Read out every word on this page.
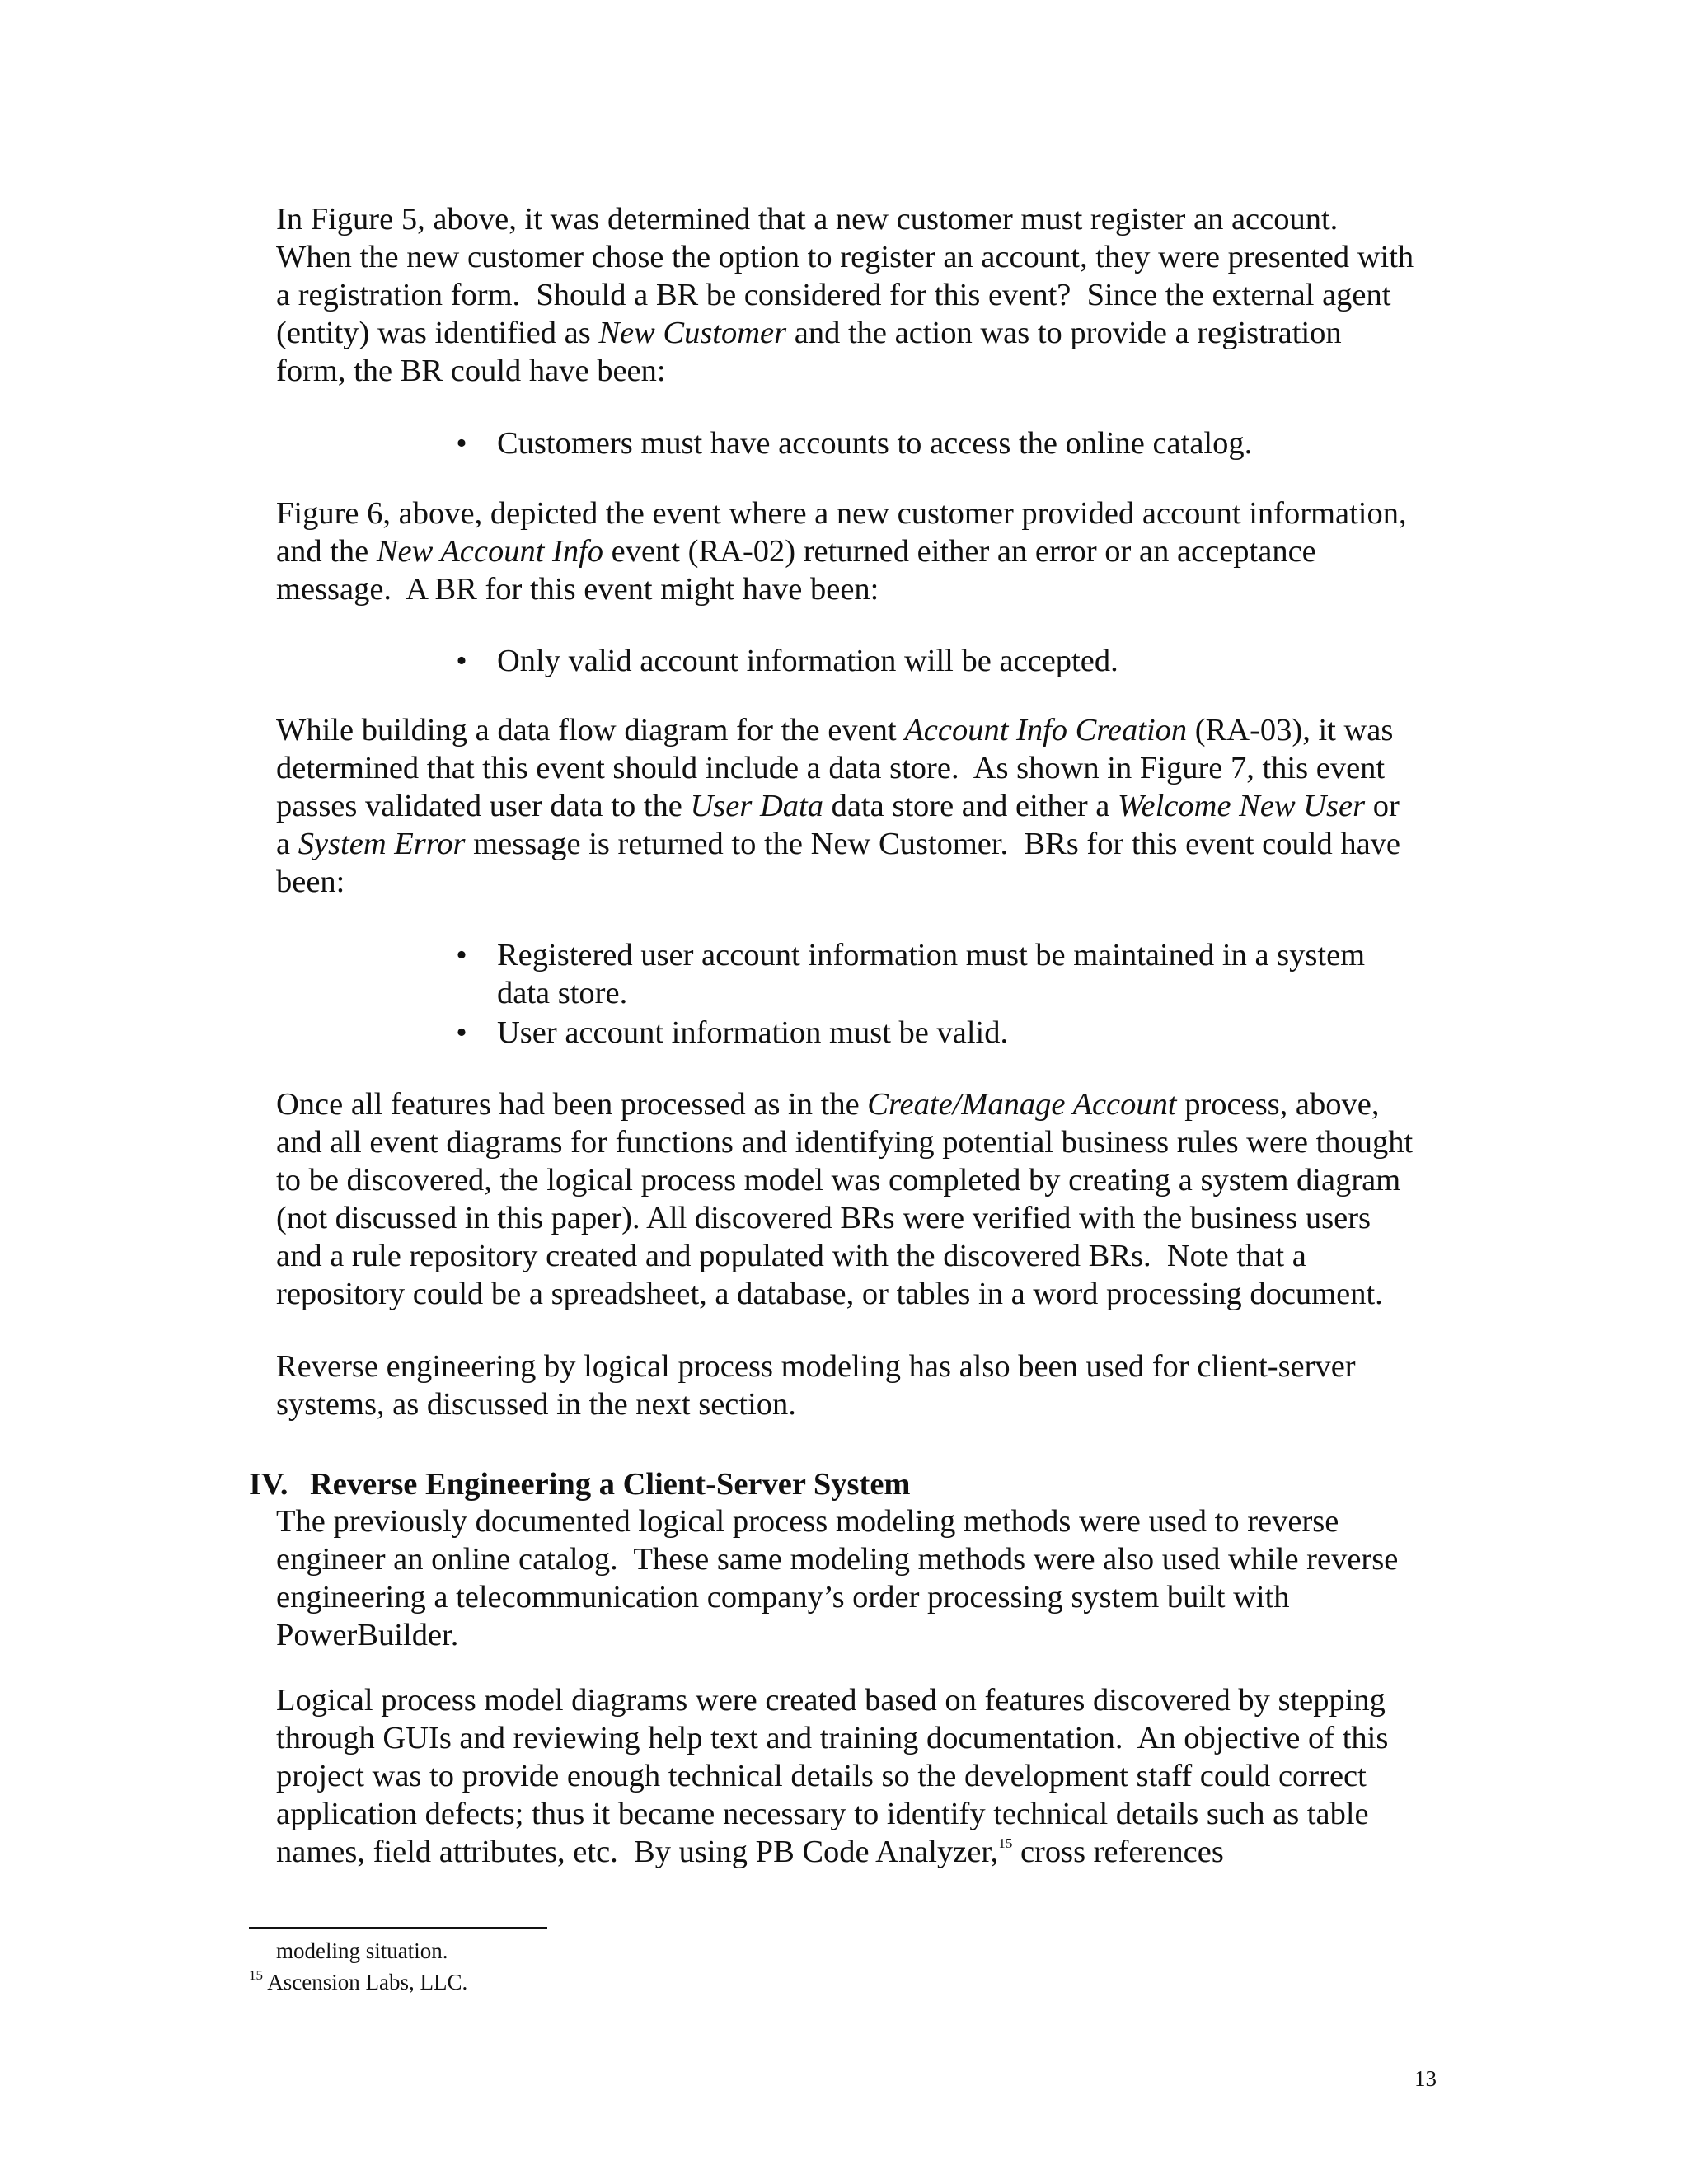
In Figure 5, above, it was determined that a new customer must register an account.
When the new customer chose the option to register an account, they were presented with
a registration form.  Should a BR be considered for this event?  Since the external agent
(entity) was identified as New Customer and the action was to provide a registration
form, the BR could have been:
• Customers must have accounts to access the online catalog.
Figure 6, above, depicted the event where a new customer provided account information,
and the New Account Info event (RA-02) returned either an error or an acceptance
message.  A BR for this event might have been:
• Only valid account information will be accepted.
While building a data flow diagram for the event Account Info Creation (RA-03), it was
determined that this event should include a data store.  As shown in Figure 7, this event
passes validated user data to the User Data data store and either a Welcome New User or
a System Error message is returned to the New Customer.  BRs for this event could have
been:
• Registered user account information must be maintained in a system
data store.
• User account information must be valid.
Once all features had been processed as in the Create/Manage Account process, above,
and all event diagrams for functions and identifying potential business rules were thought
to be discovered, the logical process model was completed by creating a system diagram
(not discussed in this paper). All discovered BRs were verified with the business users
and a rule repository created and populated with the discovered BRs.  Note that a
repository could be a spreadsheet, a database, or tables in a word processing document.
Reverse engineering by logical process modeling has also been used for client-server
systems, as discussed in the next section.
IV. Reverse Engineering a Client-Server System
The previously documented logical process modeling methods were used to reverse
engineer an online catalog.  These same modeling methods were also used while reverse
engineering a telecommunication company’s order processing system built with
PowerBuilder.
Logical process model diagrams were created based on features discovered by stepping
through GUIs and reviewing help text and training documentation.  An objective of this
project was to provide enough technical details so the development staff could correct
application defects; thus it became necessary to identify technical details such as table
names, field attributes, etc.  By using PB Code Analyzer,$^{15}$ cross references
modeling situation.
$^{15}$ Ascension Labs, LLC.
13
